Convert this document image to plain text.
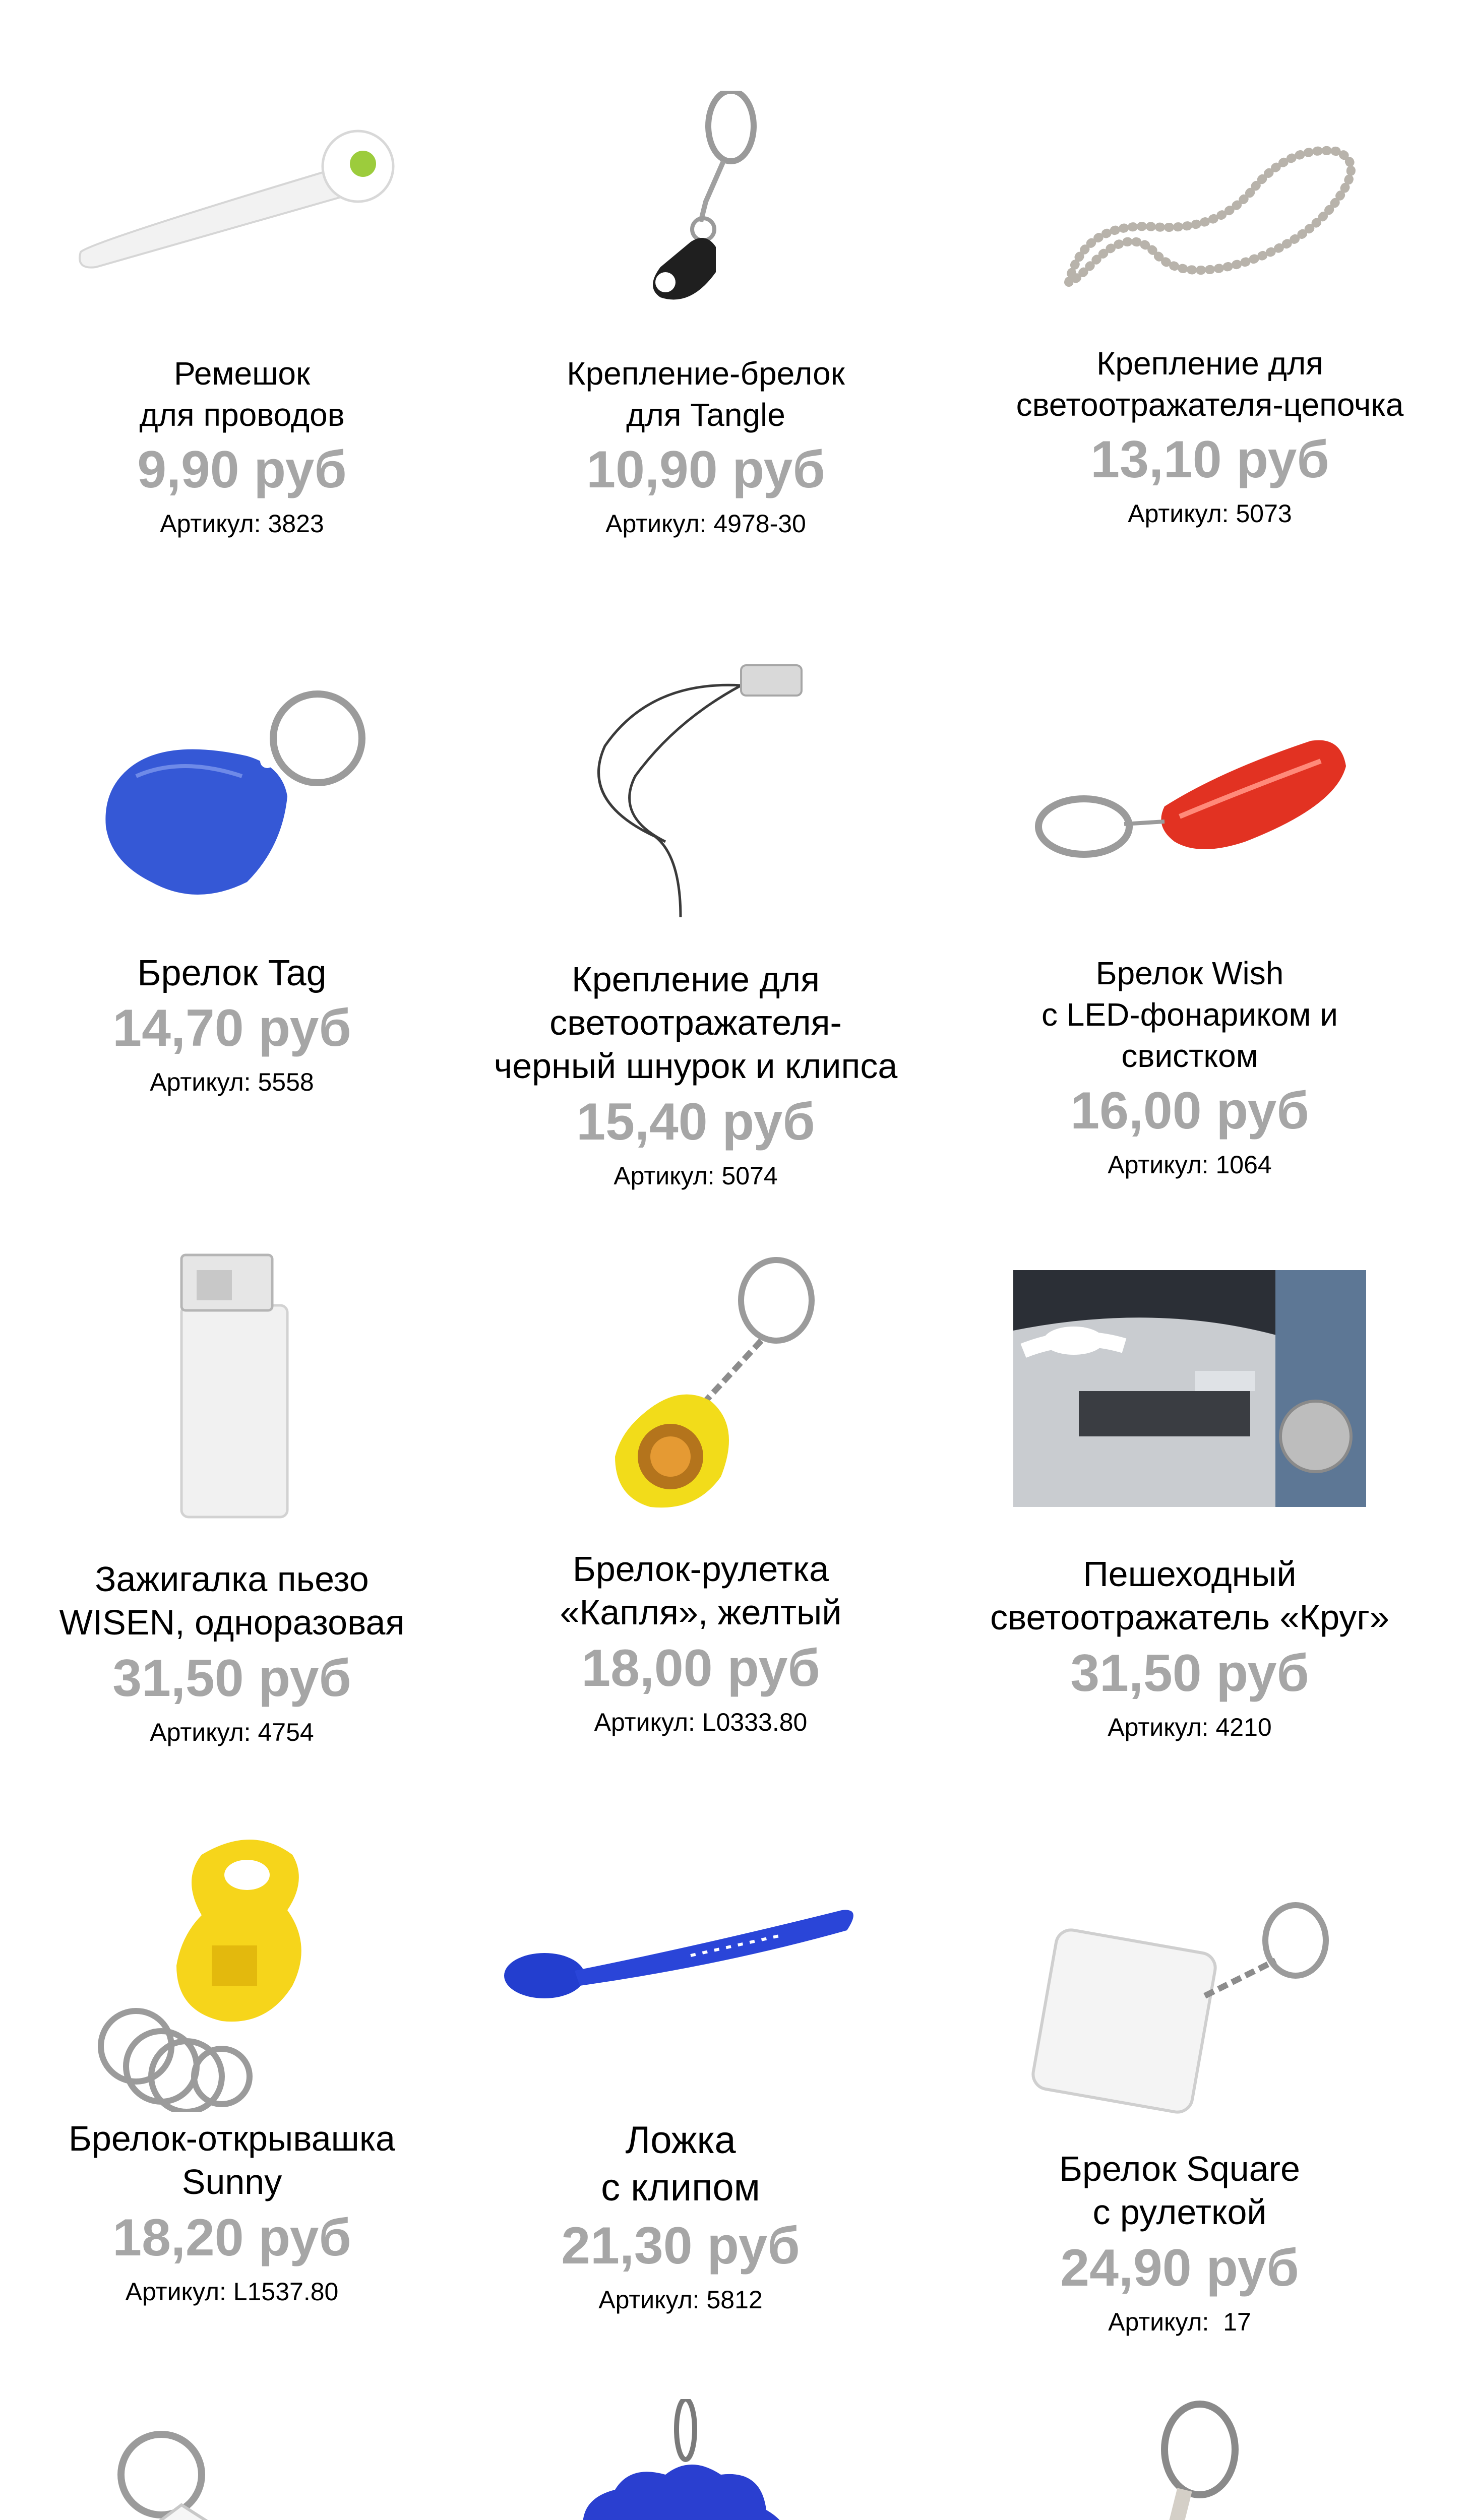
Ремешок
для проводов
9,90 руб
Артикул: 3823
Крепление-брелок
для Tangle
10,90 руб
Артикул: 4978-30
Крепление для
светоотражателя-цепочка
13,10 руб
Артикул: 5073
Брелок Tag
14,70 руб
Артикул: 5558
Крепление для светоотражателя-
черный шнурок и клипса
15,40 руб
Артикул: 5074
Брелок Wish
с LED-фонариком и
свистком
16,00 руб
Артикул: 1064
Зажигалка пьезо
WISEN, одноразовая
31,50 руб
Артикул: 4754
Брелок-рулетка
«Капля», желтый
18,00 руб
Артикул: L0333.80
Пешеходный
светоотражатель «Круг»
31,50 руб
Артикул: 4210
Брелок-открывашка
Sunny
18,20 руб
Артикул: L1537.80
Ложка
с клипом
21,30 руб
Артикул: 5812
Брелок Square
с рулеткой
24,90 руб
Артикул:  17
